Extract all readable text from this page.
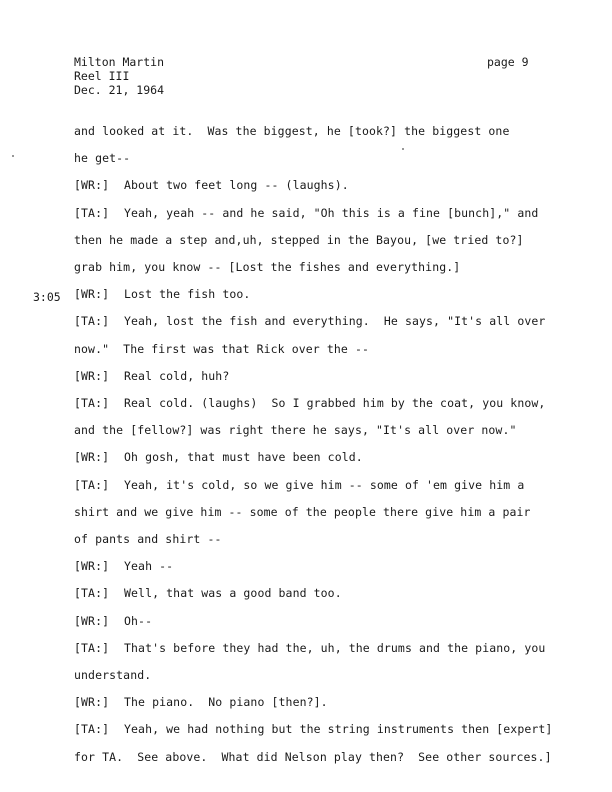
Milton Martin
Reel III
Dec. 21, 1964
page 9
3:05
and looked at it.  Was the biggest, he [took?] the biggest one
he get--
[WR:] About two feet long -- (laughs).
[TA:] Yeah, yeah -- and he said, "Oh this is a fine [bunch]," and
then he made a step and,uh, stepped in the Bayou, [we tried to?]
grab him, you know -- [Lost the fishes and everything.]
[WR:] Lost the fish too.
[TA:] Yeah, lost the fish and everything.  He says, "It's all over
now."  The first was that Rick over the --
[WR:] Real cold, huh?
[TA:] Real cold. (laughs)  So I grabbed him by the coat, you know,
and the [fellow?] was right there he says, "It's all over now."
[WR:] Oh gosh, that must have been cold.
[TA:] Yeah, it's cold, so we give him -- some of 'em give him a
shirt and we give him -- some of the people there give him a pair
of pants and shirt --
[WR:] Yeah --
[TA:] Well, that was a good band too.
[WR:] Oh--
[TA:] That's before they had the, uh, the drums and the piano, you
understand.
[WR:] The piano.  No piano [then?].
[TA:] Yeah, we had nothing but the string instruments then [expert]
for TA.  See above.  What did Nelson play then?  See other sources.]
